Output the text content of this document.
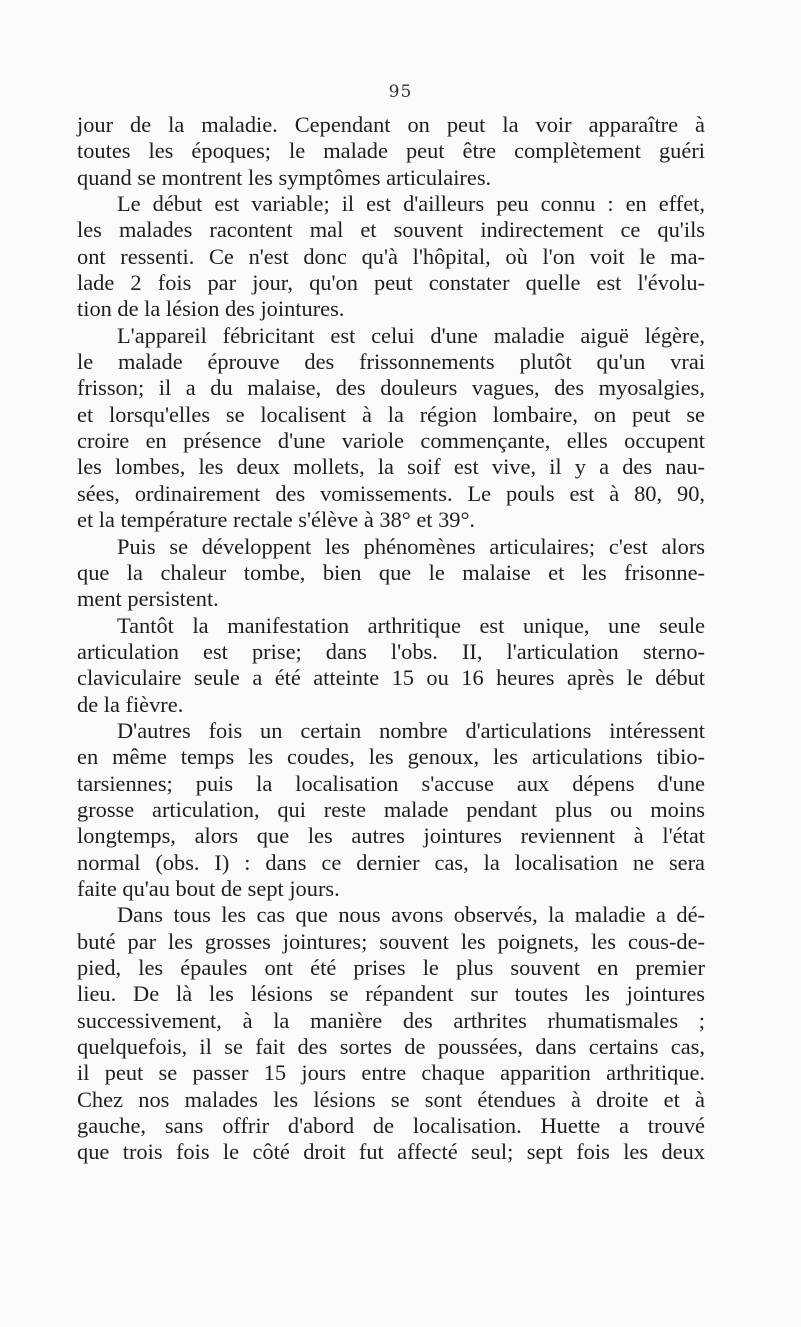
95
jour de la maladie. Cependant on peut la voir apparaître à
toutes les époques; le malade peut être complètement guéri
quand se montrent les symptômes articulaires.
Le début est variable; il est d'ailleurs peu connu : en effet,
les malades racontent mal et souvent indirectement ce qu'ils
ont ressenti. Ce n'est donc qu'à l'hôpital, où l'on voit le ma-
lade 2 fois par jour, qu'on peut constater quelle est l'évolu-
tion de la lésion des jointures.
L'appareil fébricitant est celui d'une maladie aiguë légère,
le malade éprouve des frissonnements plutôt qu'un vrai
frisson; il a du malaise, des douleurs vagues, des myosalgies,
et lorsqu'elles se localisent à la région lombaire, on peut se
croire en présence d'une variole commençante, elles occupent
les lombes, les deux mollets, la soif est vive, il y a des nau-
sées, ordinairement des vomissements. Le pouls est à 80, 90,
et la température rectale s'élève à 38° et 39°.
Puis se développent les phénomènes articulaires; c'est alors
que la chaleur tombe, bien que le malaise et les frisonne-
ment persistent.
Tantôt la manifestation arthritique est unique, une seule
articulation est prise; dans l'obs. II, l'articulation sterno-
claviculaire seule a été atteinte 15 ou 16 heures après le début
de la fièvre.
D'autres fois un certain nombre d'articulations intéressent
en même temps les coudes, les genoux, les articulations tibio-
tarsiennes; puis la localisation s'accuse aux dépens d'une
grosse articulation, qui reste malade pendant plus ou moins
longtemps, alors que les autres jointures reviennent à l'état
normal (obs. I) : dans ce dernier cas, la localisation ne sera
faite qu'au bout de sept jours.
Dans tous les cas que nous avons observés, la maladie a dé-
buté par les grosses jointures; souvent les poignets, les cous-de-
pied, les épaules ont été prises le plus souvent en premier
lieu. De là les lésions se répandent sur toutes les jointures
successivement, à la manière des arthrites rhumatismales ;
quelquefois, il se fait des sortes de poussées, dans certains cas,
il peut se passer 15 jours entre chaque apparition arthritique.
Chez nos malades les lésions se sont étendues à droite et à
gauche, sans offrir d'abord de localisation. Huette a trouvé
que trois fois le côté droit fut affecté seul; sept fois les deux
